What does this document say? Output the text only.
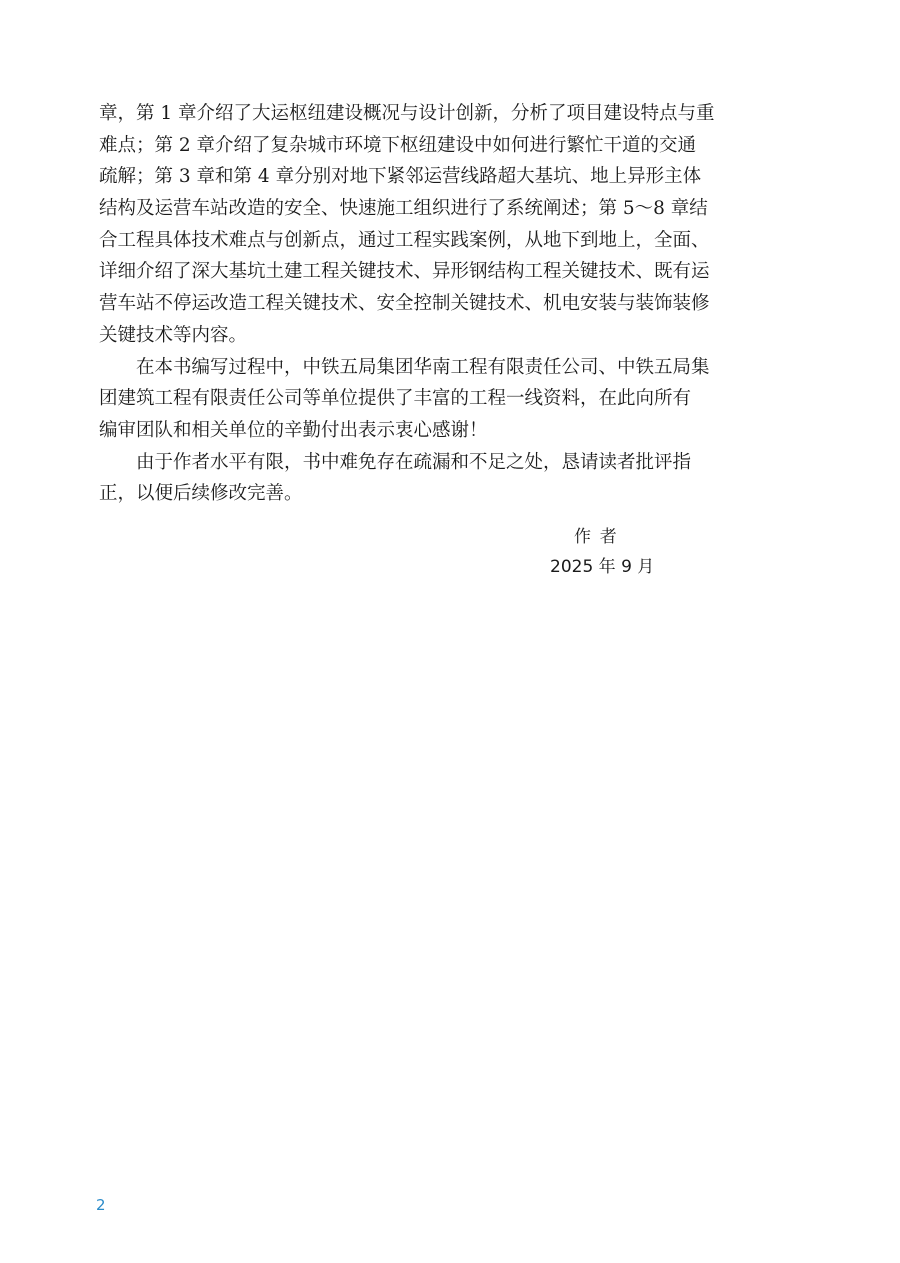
章，第 1 章介绍了大运枢纽建设概况与设计创新，分析了项目建设特点与重
难点；第 2 章介绍了复杂城市环境下枢纽建设中如何进行繁忙干道的交通
疏解；第 3 章和第 4 章分别对地下紧邻运营线路超大基坑、地上异形主体
结构及运营车站改造的安全、快速施工组织进行了系统阐述；第 5～8 章结
合工程具体技术难点与创新点，通过工程实践案例，从地下到地上，全面、
详细介绍了深大基坑土建工程关键技术、异形钢结构工程关键技术、既有运
营车站不停运改造工程关键技术、安全控制关键技术、机电安装与装饰装修
关键技术等内容。
在本书编写过程中，中铁五局集团华南工程有限责任公司、中铁五局集
团建筑工程有限责任公司等单位提供了丰富的工程一线资料，在此向所有
编审团队和相关单位的辛勤付出表示衷心感谢！
由于作者水平有限，书中难免存在疏漏和不足之处，恳请读者批评指
正，以便后续修改完善。
作 者
2025 年 9 月
2
